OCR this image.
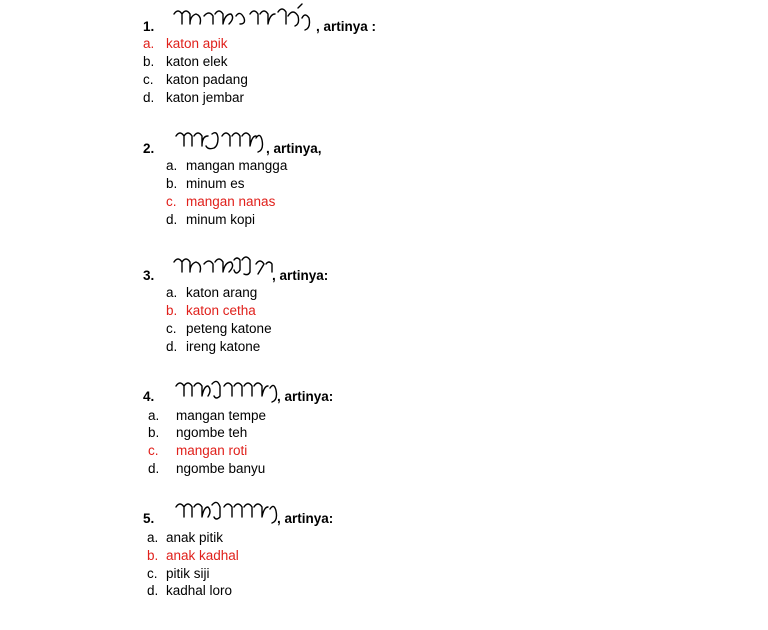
1.	, artinya :
a. katon apik
b. katon elek
c. katon padang
d. katon jembar
2.	, artinya,
a. mangan mangga
b. minum es
c. mangan nanas
d. minum kopi
3.	, artinya:
a. katon arang
b. katon cetha
c. peteng katone
d. ireng katone
4.	, artinya:
a. mangan tempe
b. ngombe teh
c. mangan roti
d. ngombe banyu
5.	, artinya:
a. anak pitik
b. anak kadhal
c. pitik siji
d. kadhal loro
